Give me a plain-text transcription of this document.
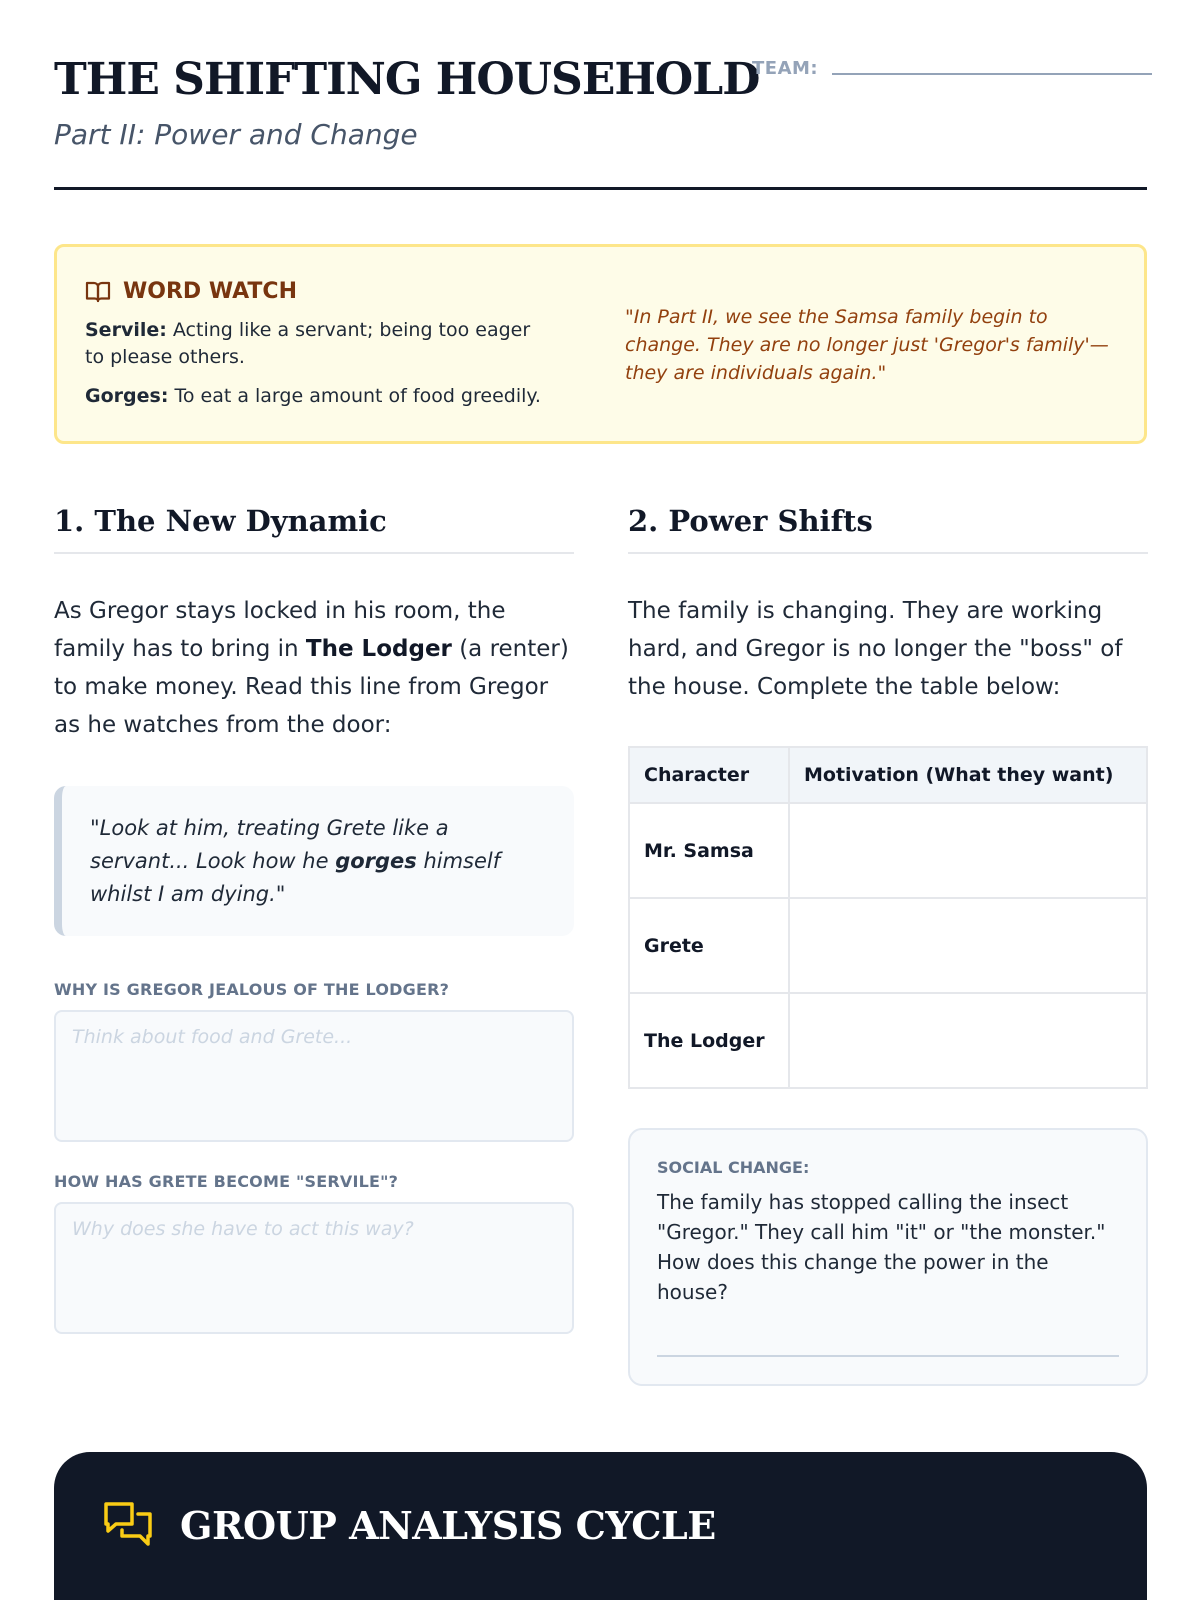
THE SHIFTING HOUSEHOLD
Part II: Power and Change
TEAM:
WORD WATCH
Servile: Acting like a servant; being too eager to please others.
Gorges: To eat a large amount of food greedily.
"In Part II, we see the Samsa family begin to change. They are no longer just 'Gregor's family'—they are individuals again."
1. The New Dynamic
As Gregor stays locked in his room, the family has to bring in The Lodger (a renter) to make money. Read this line from Gregor as he watches from the door:
"Look at him, treating Grete like a servant... Look how he gorges himself whilst I am dying."
WHY IS GREGOR JEALOUS OF THE LODGER?
Think about food and Grete...
HOW HAS GRETE BECOME "SERVILE"?
Why does she have to act this way?
2. Power Shifts
The family is changing. They are working hard, and Gregor is no longer the "boss" of the house. Complete the table below:
Character	Motivation (What they want)
Mr. Samsa	
Grete	
The Lodger	
SOCIAL CHANGE:
The family has stopped calling the insect "Gregor." They call him "it" or "the monster." How does this change the power in the house?
GROUP ANALYSIS CYCLE
